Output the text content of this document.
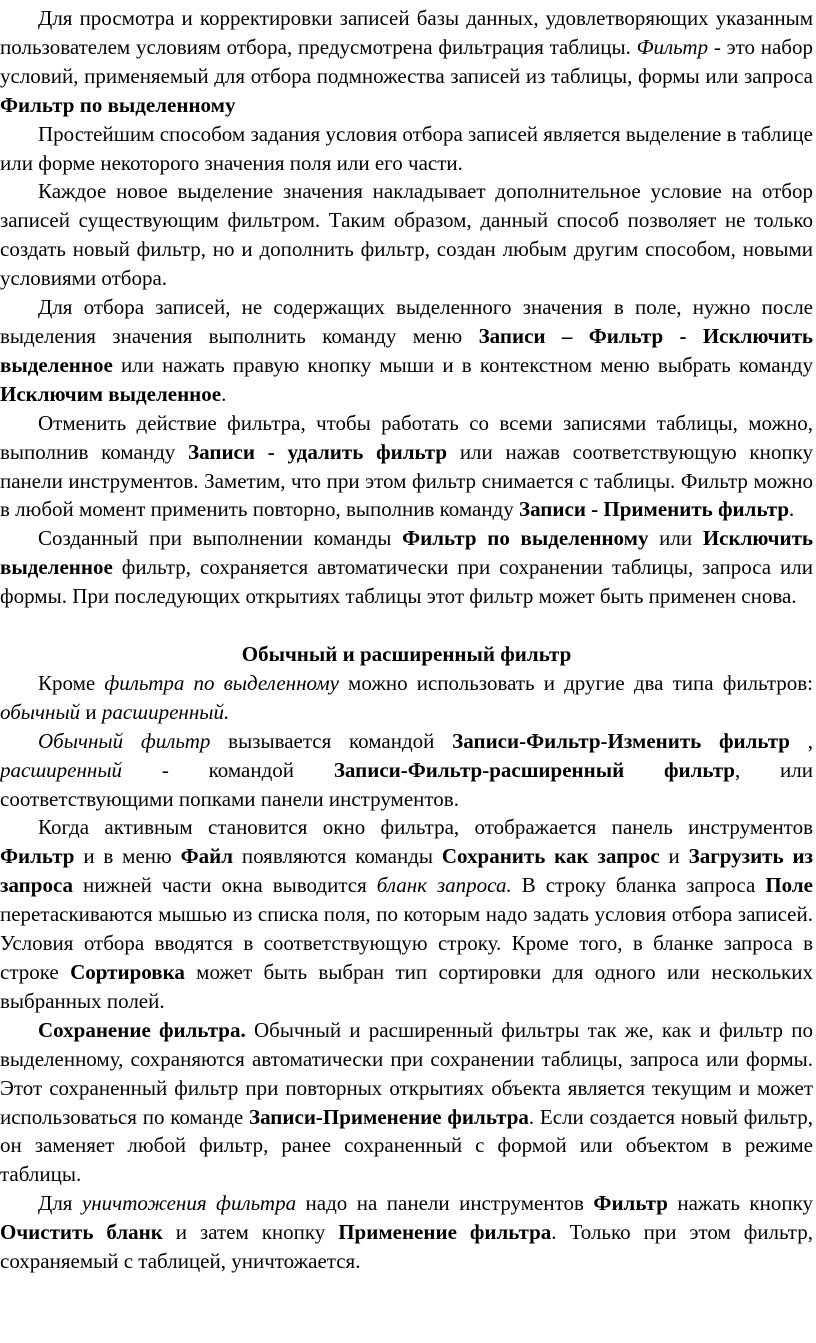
Для просмотра и корректировки записей базы данных, удовлетворяющих указанным пользователем условиям отбора, предусмотрена фильтрация таблицы. Фильтр - это набор условий, применяемый для отбора подмножества записей из таблицы, формы или запроса Фильтр по выделенному

Простейшим способом задания условия отбора записей является выделение в таблице или форме некоторого значения поля или его части.

Каждое новое выделение значения накладывает дополнительное условие на отбор записей существующим фильтром. Таким образом, данный способ позволяет не только создать новый фильтр, но и дополнить фильтр, создан любым другим способом, новыми условиями отбора.

Для отбора записей, не содержащих выделенного значения в поле, нужно после выделения значения выполнить команду меню Записи – Фильтр - Исключить выделенное или нажать правую кнопку мыши и в контекстном меню выбрать команду Исключим выделенное.

Отменить действие фильтра, чтобы работать со всеми записями таблицы, можно, выполнив команду Записи - удалить фильтр или нажав соответствующую кнопку панели инструментов. Заметим, что при этом фильтр снимается с таблицы. Фильтр можно в любой момент применить повторно, выполнив команду Записи - Применить фильтр.

Созданный при выполнении команды Фильтр по выделенному или Исключить выделенное фильтр, сохраняется автоматически при сохранении таблицы, запроса или формы. При последующих открытиях таблицы этот фильтр может быть применен снова.

Обычный и расширенный фильтр

Кроме фильтра по выделенному можно использовать и другие два типа фильтров: обычный и расширенный.

Обычный фильтр вызывается командой Записи-Фильтр-Изменить фильтр , расширенный - командой Записи-Фильтр-расширенный фильтр, или соответствующими попками панели инструментов.

Когда активным становится окно фильтра, отображается панель инструментов Фильтр и в меню Файл появляются команды Сохранить как запрос и Загрузить из запроса нижней части окна выводится бланк запроса. В строку бланка запроса Поле перетаскиваются мышью из списка поля, по которым надо задать условия отбора записей. Условия отбора вводятся в соответствующую строку. Кроме того, в бланке запроса в строке Сортировка может быть выбран тип сортировки для одного или нескольких выбранных полей.

Сохранение фильтра. Обычный и расширенный фильтры так же, как и фильтр по выделенному, сохраняются автоматически при сохранении таблицы, запроса или формы. Этот сохраненный фильтр при повторных открытиях объекта является текущим и может использоваться по команде Записи-Применение фильтра. Если создается новый фильтр, он заменяет любой фильтр, ранее сохраненный с формой или объектом в режиме таблицы.

Для уничтожения фильтра надо на панели инструментов Фильтр нажать кнопку Очистить бланк и затем кнопку Применение фильтра. Только при этом фильтр, сохраняемый с таблицей, уничтожается.
